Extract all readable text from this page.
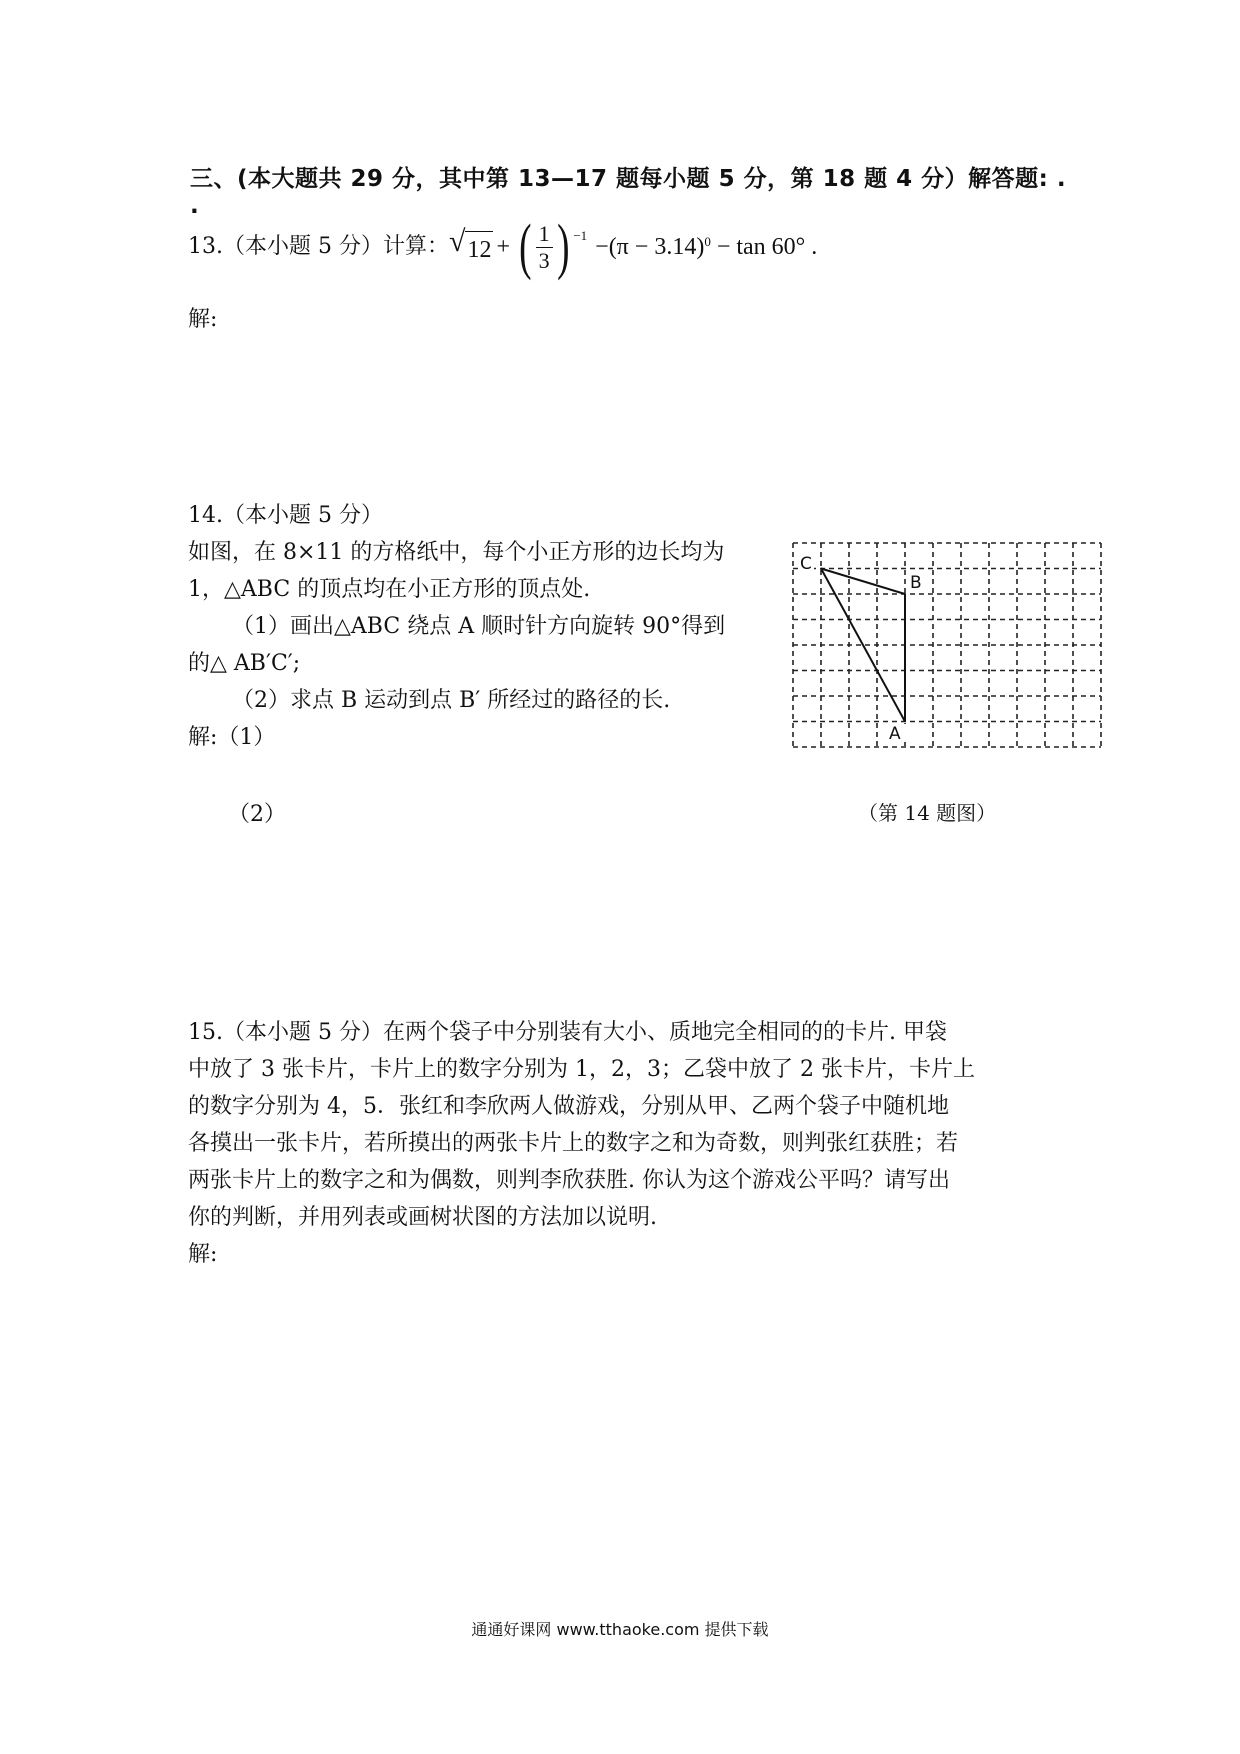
三、(本大题共 29 分，其中第 13—17 题每小题 5 分，第 18 题 4 分）解答题: . .
13.（本小题 5 分）计算： √ 12 + ( $\frac{1}{3}$ ) $^{-1} -(\pi - 3.14)^0 - \tan 60^\circ$ .
解:
14.（本小题 5 分）
如图，在 8×11 的方格纸中，每个小正方形的边长均为
1，△ABC 的顶点均在小正方形的顶点处.
（1）画出△ABC 绕点 A 顺时针方向旋转 90°得到
的△ AB′C′;
（2）求点 B 运动到点 B′ 所经过的路径的长.
解:（1）
（2）
C
B
A
（第 14 题图）
15.（本小题 5 分）在两个袋子中分别装有大小、质地完全相同的的卡片. 甲袋
中放了 3 张卡片，卡片上的数字分别为 1，2，3；乙袋中放了 2 张卡片，卡片上
的数字分别为 4，5．张红和李欣两人做游戏，分别从甲、乙两个袋子中随机地
各摸出一张卡片，若所摸出的两张卡片上的数字之和为奇数，则判张红获胜；若
两张卡片上的数字之和为偶数，则判李欣获胜. 你认为这个游戏公平吗？请写出
你的判断，并用列表或画树状图的方法加以说明.
解:
通通好课网 www.tthaoke.com 提供下载
